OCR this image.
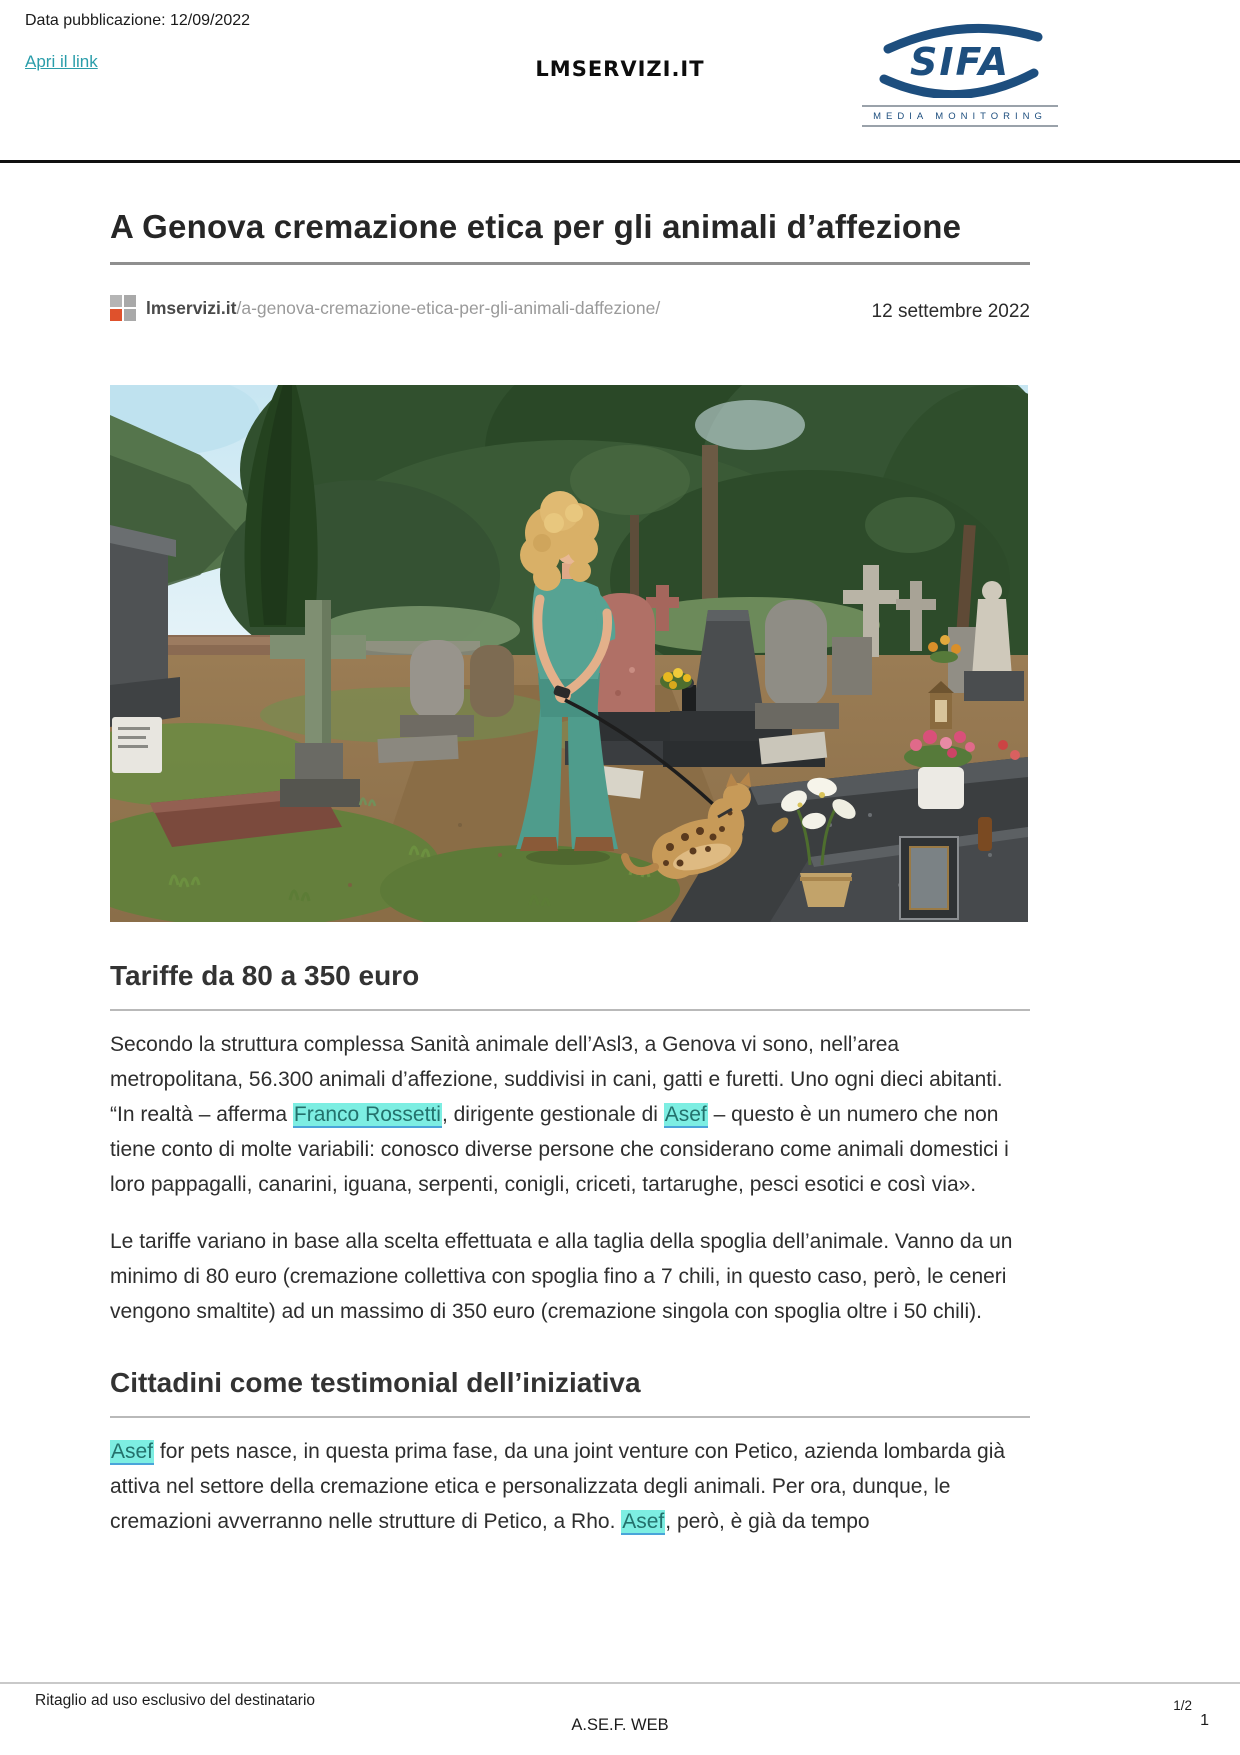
Data pubblicazione: 12/09/2022
Apri il link	LMSERVIZI.IT	SIFA
MEDIA MONITORING
A Genova cremazione etica per gli animali d’affezione
lmservizi.it/a-genova-cremazione-etica-per-gli-animali-daffezione/	12 settembre 2022
Tariffe da 80 a 350 euro

Secondo la struttura complessa Sanità animale dell’Asl3, a Genova vi sono, nell’area metropolitana, 56.300 animali d’affezione, suddivisi in cani, gatti e furetti. Uno ogni dieci abitanti. “In realtà – afferma Franco Rossetti, dirigente gestionale di Asef – questo è un numero che non tiene conto di molte variabili: conosco diverse persone che considerano come animali domestici i loro pappagalli, canarini, iguana, serpenti, conigli, criceti, tartarughe, pesci esotici e così via».

Le tariffe variano in base alla scelta effettuata e alla taglia della spoglia dell’animale. Vanno da un minimo di 80 euro (cremazione collettiva con spoglia fino a 7 chili, in questo caso, però, le ceneri vengono smaltite) ad un massimo di 350 euro (cremazione singola con spoglia oltre i 50 chili).

Cittadini come testimonial dell’iniziativa

Asef for pets nasce, in questa prima fase, da una joint venture con Petico, azienda lombarda già attiva nel settore della cremazione etica e personalizzata degli animali. Per ora, dunque, le cremazioni avverranno nelle strutture di Petico, a Rho. Asef, però, è già da tempo

Ritaglio ad uso esclusivo del destinatario
A.SE.F. WEB
1/2
1
